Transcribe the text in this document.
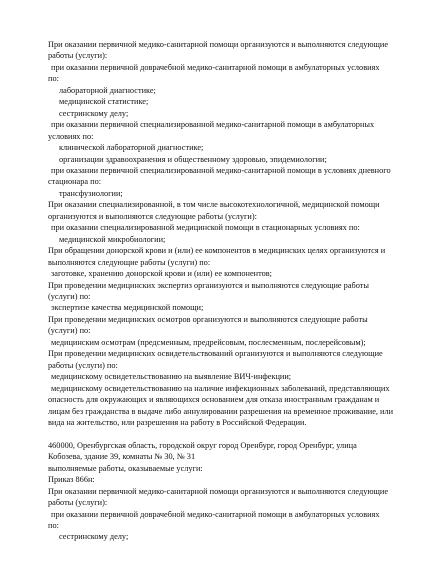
При оказании первичной медико-санитарной помощи организуются и выполняются следующие
работы (услуги):
при оказании первичной доврачебной медико-санитарной помощи в амбулаторных условиях
по:
лабораторной диагностике;
медицинской статистике;
сестринскому делу;
при оказании первичной специализированной медико-санитарной помощи в амбулаторных
условиях по:
клинической лабораторной диагностике;
организации здравоохранения и общественному здоровью, эпидемиологии;
при оказании первичной специализированной медико-санитарной помощи в условиях дневного
стационара по:
трансфузиологии;
При оказании специализированной, в том числе высокотехнологичной, медицинской помощи
организуются и выполняются следующие работы (услуги):
при оказании специализированной медицинской помощи в стационарных условиях по:
медицинской микробиологии;
При обращении донорской крови и (или) ее компонентов в медицинских целях организуются и
выполняются следующие работы (услуги) по:
заготовке, хранению донорской крови и (или) ее компонентов;
При проведении медицинских экспертиз организуются и выполняются следующие работы
(услуги) по:
экспертизе качества медицинской помощи;
При проведении медицинских осмотров организуются и выполняются следующие работы
(услуги) по:
медицинским осмотрам (предсменным, предрейсовым, послесменным, послерейсовым);
При проведении медицинских освидетельствований организуются и выполняются следующие
работы (услуги) по:
медицинскому освидетельствованию на выявление ВИЧ-инфекции;
медицинскому освидетельствованию на наличие инфекционных заболеваний, представляющих
опасность для окружающих и являющихся основанием для отказа иностранным гражданам и
лицам без гражданства в выдаче либо аннулировании разрешения на временное проживание, или
вида на жительство, или разрешения на работу в Российской Федерации.
460000, Оренбургская область, городской округ город Оренбург, город Оренбург, улица
Кобозева, здание 39, комнаты № 30, № 31
выполняемые работы, оказываемые услуги:
Приказ 866н:
При оказании первичной медико-санитарной помощи организуются и выполняются следующие
работы (услуги):
при оказании первичной доврачебной медико-санитарной помощи в амбулаторных условиях
по:
сестринскому делу;
